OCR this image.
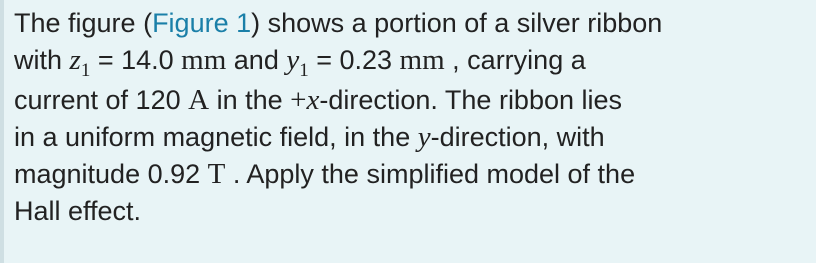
The figure (Figure 1) shows a portion of a silver ribbon
with $z_1 = 14.0$ mm and $y_1 = 0.23$ mm , carrying a
current of 120 A in the +x-direction. The ribbon lies
in a uniform magnetic field, in the y-direction, with
magnitude 0.92 T . Apply the simplified model of the
Hall effect.
